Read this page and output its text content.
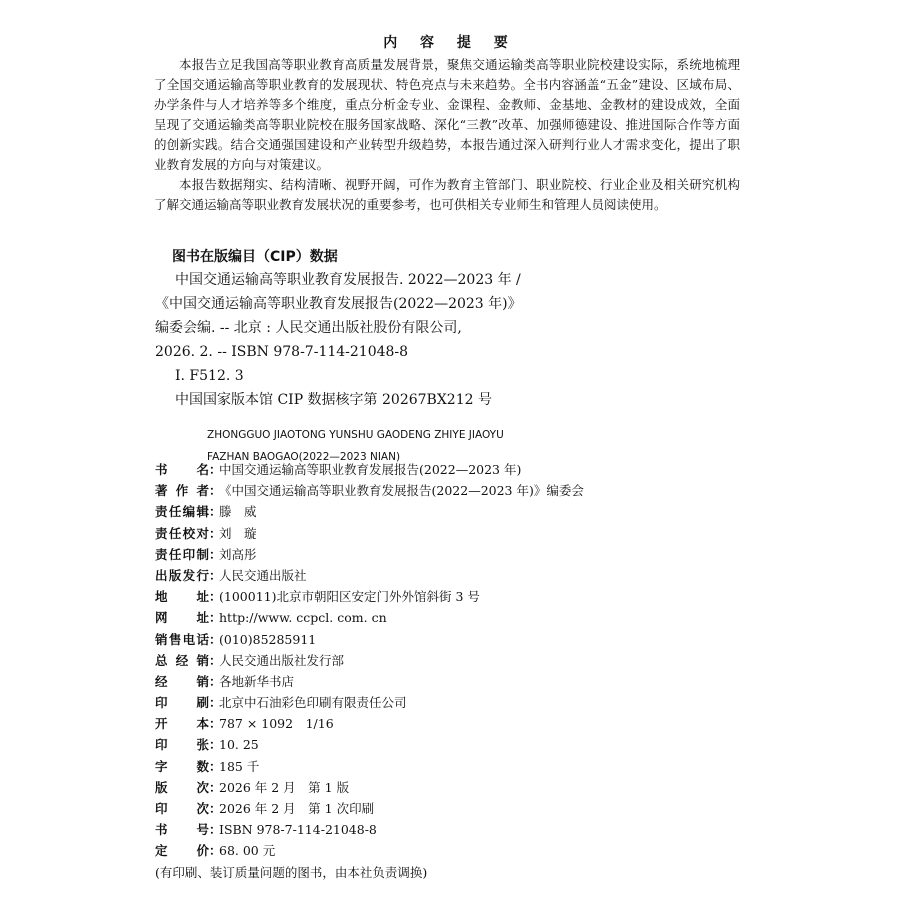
内 容 提 要

本报告立足我国高等职业教育高质量发展背景，聚焦交通运输类高等职业院校建设实际，系统地梳理了全国交通运输高等职业教育的发展现状、特色亮点与未来趋势。全书内容涵盖“五金”建设、区域布局、办学条件与人才培养等多个维度，重点分析金专业、金课程、金教师、金基地、金教材的建设成效，全面呈现了交通运输类高等职业院校在服务国家战略、深化“三教”改革、加强师德建设、推进国际合作等方面的创新实践。结合交通强国建设和产业转型升级趋势，本报告通过深入研判行业人才需求变化，提出了职业教育发展的方向与对策建议。

本报告数据翔实、结构清晰、视野开阔，可作为教育主管部门、职业院校、行业企业及相关研究机构了解交通运输高等职业教育发展状况的重要参考，也可供相关专业师生和管理人员阅读使用。

图书在版编目（CIP）数据
中国交通运输高等职业教育发展报告. 2022—2023 年 /
《中国交通运输高等职业教育发展报告(2022—2023 年)》
编委会编. -- 北京 : 人民交通出版社股份有限公司,
2026. 2. -- ISBN 978-7-114-21048-8
Ⅰ. F512. 3
中国国家版本馆 CIP 数据核字第 20267BX212 号
ZHONGGUO JIAOTONG YUNSHU GAODENG ZHIYE JIAOYU
FAZHAN BAOGAO(2022—2023 NIAN)
书名 ：
中国交通运输高等职业教育发展报告(2022—2023 年)
著作者 ：
《中国交通运输高等职业教育发展报告(2022—2023 年)》编委会
责任编辑 ：
滕　威
责任校对 ：
刘　璇
责任印制 ：
刘高彤
出版发行 ：
人民交通出版社
地址 ：
(100011)北京市朝阳区安定门外外馆斜街 3 号
网址 ：
http://www. ccpcl. com. cn
销售电话 ：
(010)85285911
总经销 ：
人民交通出版社发行部
经销 ：
各地新华书店
印刷 ：
北京中石油彩色印刷有限责任公司
开本 ：
787 × 1092　1/16
印张 ：
10. 25
字数 ：
185 千
版次 ：
2026 年 2 月　第 1 版
印次 ：
2026 年 2 月　第 1 次印刷
书号 ：
ISBN 978-7-114-21048-8
定价 ：
68. 00 元
(有印刷、装订质量问题的图书，由本社负责调换)
